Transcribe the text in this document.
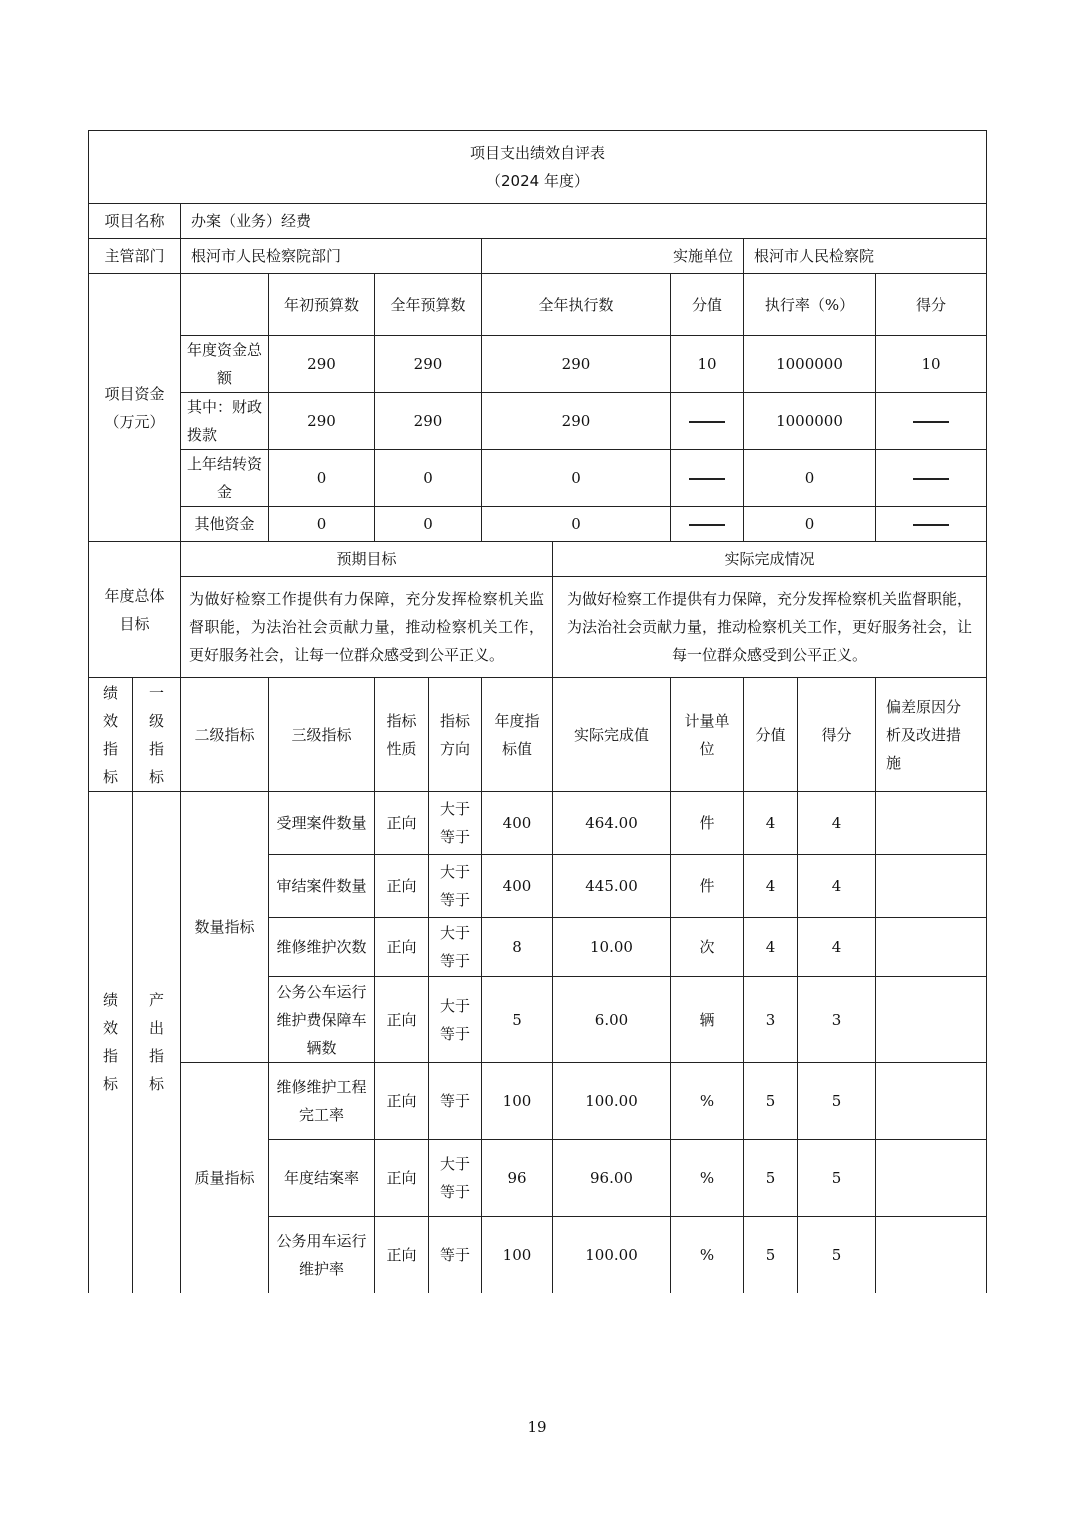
项目支出绩效自评表											
（2024 年度）											
项目名称		办案（业务）经费									
主管部门		根河市人民检察院部门				实施单位			根河市人民检察院		

项目资金
（万元）			年初预算数	全年预算数		全年执行数		分值	执行率（%）		得分
		年度资金总额	290	290		290		10	1000000		10
		其中：财政拨款	290	290		290			1000000		
		上年结转资金	0	0		0			0		
		其他资金	0	0		0			0		

年度总体目标		预期目标					实际完成情况				
		为做好检察工作提供有力保障，充分发挥检察机关监督职能，为法治社会贡献力量，推动检察机关工作，更好服务社会，让每一位群众感受到公平正义。					为做好检察工作提供有力保障，充分发挥检察机关监督职能，为法治社会贡献力量，推动检察机关工作，更好服务社会，让每一位群众感受到公平正义。				

绩效指标	一级指标	二级指标	三级指标	指标性质	指标方向	年度指标值	实际完成值	计量单位	分值	得分	偏差原因分析及改进措施

绩效指标	产出指标	数量指标	受理案件数量	正向	大于等于	400	464.00	件	4	4	
			审结案件数量	正向	大于等于	400	445.00	件	4	4	
			维修维护次数	正向	大于等于	8	10.00	次	4	4	
			公务公车运行维护费保障车辆数	正向	大于等于	5	6.00	辆	3	3	
		质量指标	维修维护工程完工率	正向	等于	100	100.00	%	5	5	
			年度结案率	正向	大于等于	96	96.00	%	5	5	
			公务用车运行维护率	正向	等于	100	100.00	%	5	5	
19
